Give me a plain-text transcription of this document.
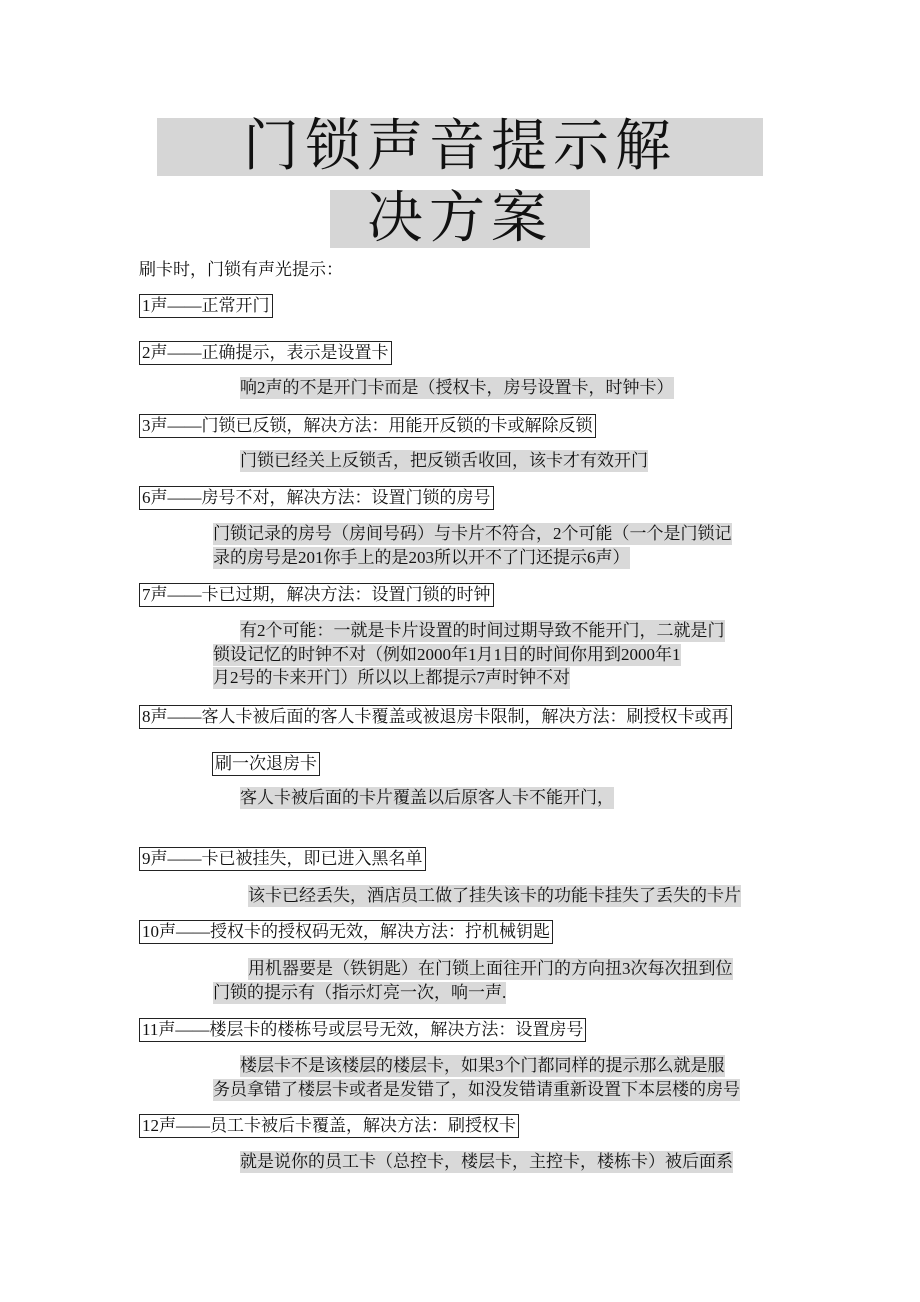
门锁声音提示解
决方案
刷卡时，门锁有声光提示：
1声——正常开门
2声——正确提示，表示是设置卡
响2声的不是开门卡而是（授权卡，房号设置卡，时钟卡）
3声——门锁已反锁，解决方法：用能开反锁的卡或解除反锁
门锁已经关上反锁舌，把反锁舌收回，该卡才有效开门
6声——房号不对，解决方法：设置门锁的房号
门锁记录的房号（房间号码）与卡片不符合，2个可能（一个是门锁记
录的房号是201你手上的是203所以开不了门还提示6声）
7声——卡已过期，解决方法：设置门锁的时钟
有2个可能：一就是卡片设置的时间过期导致不能开门，二就是门
锁设记忆的时钟不对（例如2000年1月1日的时间你用到2000年1
月2号的卡来开门）所以以上都提示7声时钟不对
8声——客人卡被后面的客人卡覆盖或被退房卡限制，解决方法：刷授权卡或再
刷一次退房卡
客人卡被后面的卡片覆盖以后原客人卡不能开门，
9声——卡已被挂失，即已进入黑名单
该卡已经丢失，酒店员工做了挂失该卡的功能卡挂失了丢失的卡片
10声——授权卡的授权码无效，解决方法：拧机械钥匙
用机器要是（铁钥匙）在门锁上面往开门的方向扭3次每次扭到位
门锁的提示有（指示灯亮一次，响一声.
11声——楼层卡的楼栋号或层号无效，解决方法：设置房号
楼层卡不是该楼层的楼层卡，如果3个门都同样的提示那么就是服
务员拿错了楼层卡或者是发错了，如没发错请重新设置下本层楼的房号
12声——员工卡被后卡覆盖，解决方法：刷授权卡
就是说你的员工卡（总控卡，楼层卡，主控卡，楼栋卡）被后面系
